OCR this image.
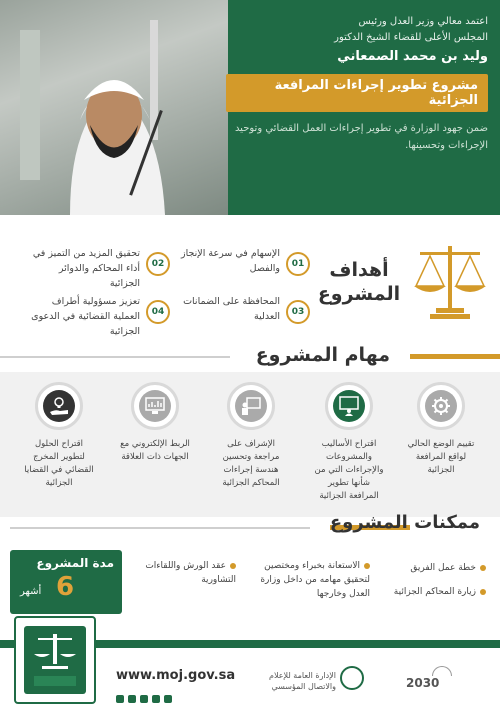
اعتمد معالي وزير العدل ورئيس

المجلس الأعلى للقضاء الشيخ الدكتور

وليد بن محمد الصمعاني

مشروع تطوير إجراءات المرافعة الجزائية

ضمن جهود الوزارة في تطوير إجراءات العمل القضائي وتوحيد الإجراءات وتحسينها.

أهداف
المشروع
01
الإسهام في سرعة الإنجاز والفصل
02
تحقيق المزيد من التميز في أداء المحاكم والدوائر الجزائية
03
المحافظة على الضمانات العدلية
04
تعزيز مسؤولية أطراف العملية القضائية في الدعوى الجزائية
مهام المشروع

تقييم الوضع الحالي لواقع المرافعة الجزائية

اقتراح الأساليب والمشروعات والإجراءات التي من شأنها تطوير المرافعة الجزائية

الإشراف على مراجعة وتحسين هندسة إجراءات المحاكم الجزائية

الربط الإلكتروني مع الجهات ذات العلاقة

اقتراح الحلول لتطوير المخرج القضائي في القضايا الجزائية

ممكنات المشروع
خطة عمل الفريق
زيارة المحاكم الجزائية
الاستعانة بخبراء ومختصين لتحقيق مهامه من داخل وزارة العدل وخارجها
عقد الورش واللقاءات التشاورية
مدة المشروع
6
أشهر
www.moj.gov.sa	الإدارة العامة للإعلام والاتصال المؤسسي	2030
